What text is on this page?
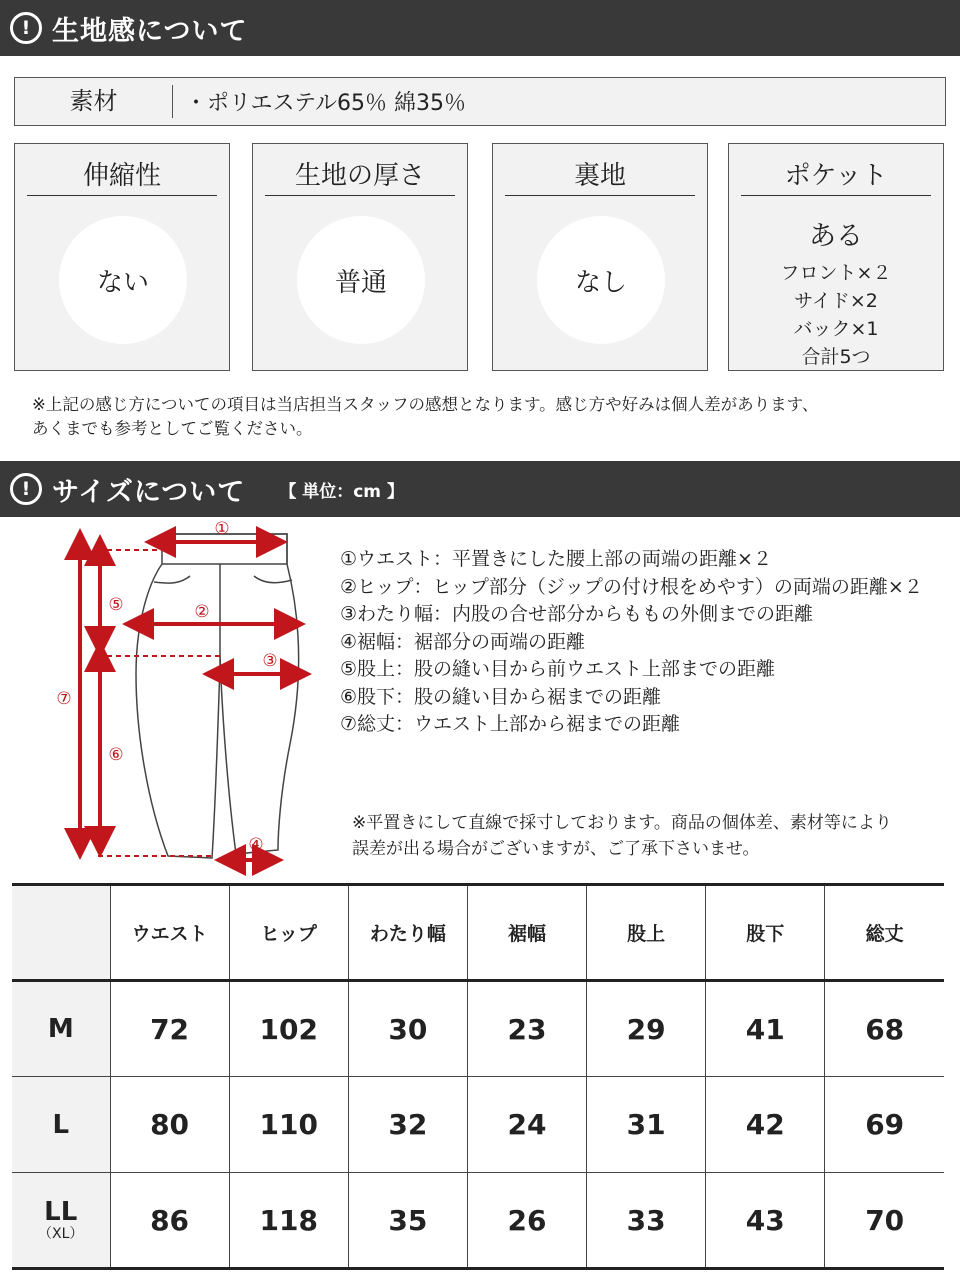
! 生地感について
素材	・ポリエステル65％ 綿35％
伸縮性
ない
生地の厚さ
普通
裏地
なし
ポケット
ある
フロント×２
サイド×2
バック×1
合計5つ
※上記の感じ方についての項目は当店担当スタッフの感想となります。感じ方や好みは個人差があります、
あくまでも参考としてご覧ください。
! サイズについて 【 単位：cm 】
①
②
③
④
⑤
⑥
⑦
①ウエスト：平置きにした腰上部の両端の距離×２
②ヒップ：ヒップ部分（ジップの付け根をめやす）の両端の距離×２
③わたり幅：内股の合せ部分からももの外側までの距離
④裾幅：裾部分の両端の距離
⑤股上：股の縫い目から前ウエスト上部までの距離
⑥股下：股の縫い目から裾までの距離
⑦総丈：ウエスト上部から裾までの距離
※平置きにして直線で採寸しております。商品の個体差、素材等により
誤差が出る場合がございますが、ご了承下さいませ。
	ウエスト	ヒップ	わたり幅	裾幅	股上	股下	総丈
M	72	102	30	23	29	41	68
L	80	110	32	24	31	42	69

LL
（XL）	86	118	35	26	33	43	70
